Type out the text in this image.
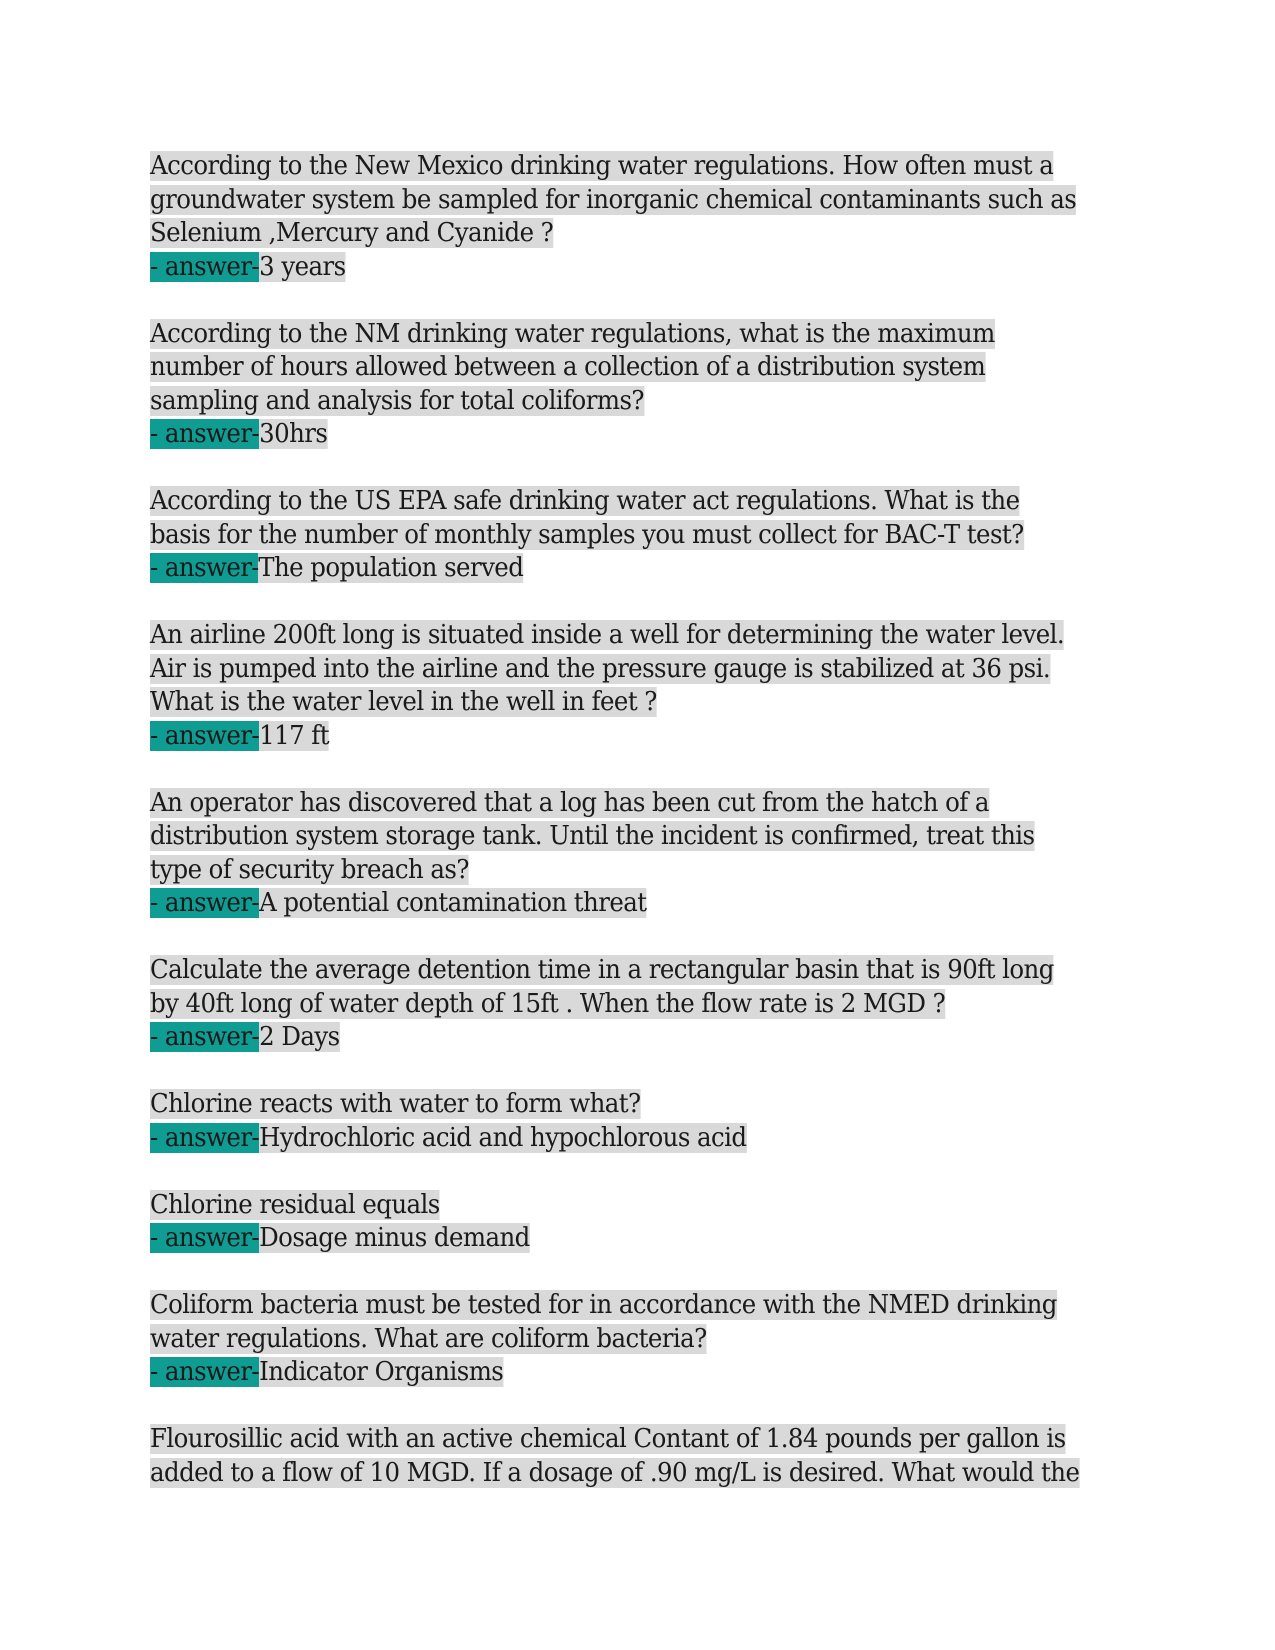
According to the New Mexico drinking water regulations. How often must a groundwater system be sampled for inorganic chemical contaminants such as Selenium ,Mercury and Cyanide ?
- answer-3 years
According to the NM drinking water regulations, what is the maximum number of hours allowed between a collection of a distribution system sampling and analysis for total coliforms?
- answer-30hrs
According to the US EPA safe drinking water act regulations. What is the basis for the number of monthly samples you must collect for BAC-T test?
- answer-The population served
An airline 200ft long is situated inside a well for determining the water level. Air is pumped into the airline and the pressure gauge is stabilized at 36 psi. What is the water level in the well in feet ?
- answer-117 ft
An operator has discovered that a log has been cut from the hatch of a distribution system storage tank. Until the incident is confirmed, treat this type of security breach as?
- answer-A potential contamination threat
Calculate the average detention time in a rectangular basin that is 90ft long by 40ft long of water depth of 15ft . When the flow rate is 2 MGD ?
- answer-2 Days
Chlorine reacts with water to form what?
- answer-Hydrochloric acid and hypochlorous acid
Chlorine residual equals
- answer-Dosage minus demand
Coliform bacteria must be tested for in accordance with the NMED drinking water regulations. What are coliform bacteria?
- answer-Indicator Organisms
Flourosillic acid with an active chemical Contant of 1.84 pounds per gallon is added to a flow of 10 MGD. If a dosage of .90 mg/L is desired. What would the
